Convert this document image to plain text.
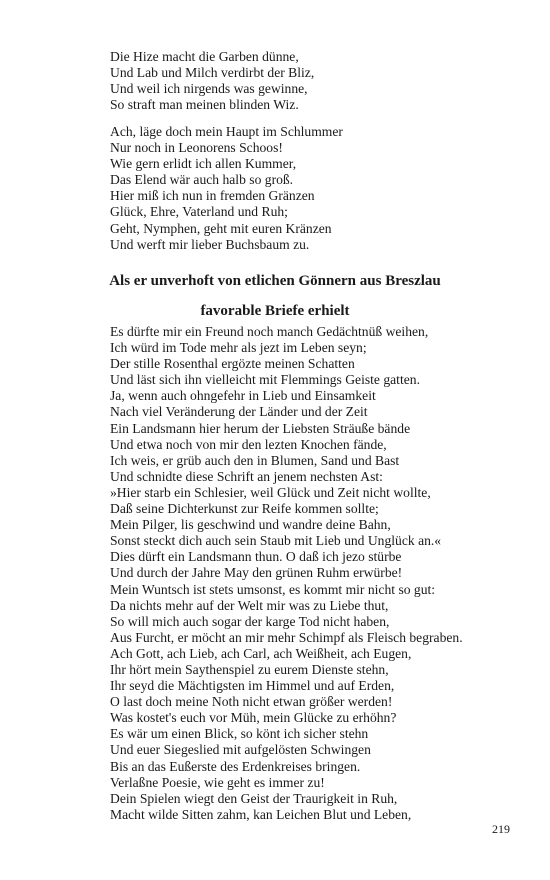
Die Hize macht die Garben dünne,
Und Lab und Milch verdirbt der Bliz,
Und weil ich nirgends was gewinne,
So straft man meinen blinden Wiz.
Ach, läge doch mein Haupt im Schlummer
Nur noch in Leonorens Schoos!
Wie gern erlidt ich allen Kummer,
Das Elend wär auch halb so groß.
Hier miß ich nun in fremden Gränzen
Glück, Ehre, Vaterland und Ruh;
Geht, Nymphen, geht mit euren Kränzen
Und werft mir lieber Buchsbaum zu.
Als er unverhoft von etlichen Gönnern aus Breszlau
favorable Briefe erhielt
Es dürfte mir ein Freund noch manch Gedächtnüß weihen,
Ich würd im Tode mehr als jezt im Leben seyn;
Der stille Rosenthal ergözte meinen Schatten
Und läst sich ihn vielleicht mit Flemmings Geiste gatten.
Ja, wenn auch ohngefehr in Lieb und Einsamkeit
Nach viel Veränderung der Länder und der Zeit
Ein Landsmann hier herum der Liebsten Sträuße bände
Und etwa noch von mir den lezten Knochen fände,
Ich weis, er grüb auch den in Blumen, Sand und Bast
Und schnidte diese Schrift an jenem nechsten Ast:
»Hier starb ein Schlesier, weil Glück und Zeit nicht wollte,
Daß seine Dichterkunst zur Reife kommen sollte;
Mein Pilger, lis geschwind und wandre deine Bahn,
Sonst steckt dich auch sein Staub mit Lieb und Unglück an.«
Dies dürft ein Landsmann thun. O daß ich jezo stürbe
Und durch der Jahre May den grünen Ruhm erwürbe!
Mein Wuntsch ist stets umsonst, es kommt mir nicht so gut:
Da nichts mehr auf der Welt mir was zu Liebe thut,
So will mich auch sogar der karge Tod nicht haben,
Aus Furcht, er möcht an mir mehr Schimpf als Fleisch begraben.
Ach Gott, ach Lieb, ach Carl, ach Weißheit, ach Eugen,
Ihr hört mein Saythenspiel zu eurem Dienste stehn,
Ihr seyd die Mächtigsten im Himmel und auf Erden,
O last doch meine Noth nicht etwan größer werden!
Was kostet's euch vor Müh, mein Glücke zu erhöhn?
Es wär um einen Blick, so könt ich sicher stehn
Und euer Siegeslied mit aufgelösten Schwingen
Bis an das Eußerste des Erdenkreises bringen.
Verlaßne Poesie, wie geht es immer zu!
Dein Spielen wiegt den Geist der Traurigkeit in Ruh,
Macht wilde Sitten zahm, kan Leichen Blut und Leben,
219
